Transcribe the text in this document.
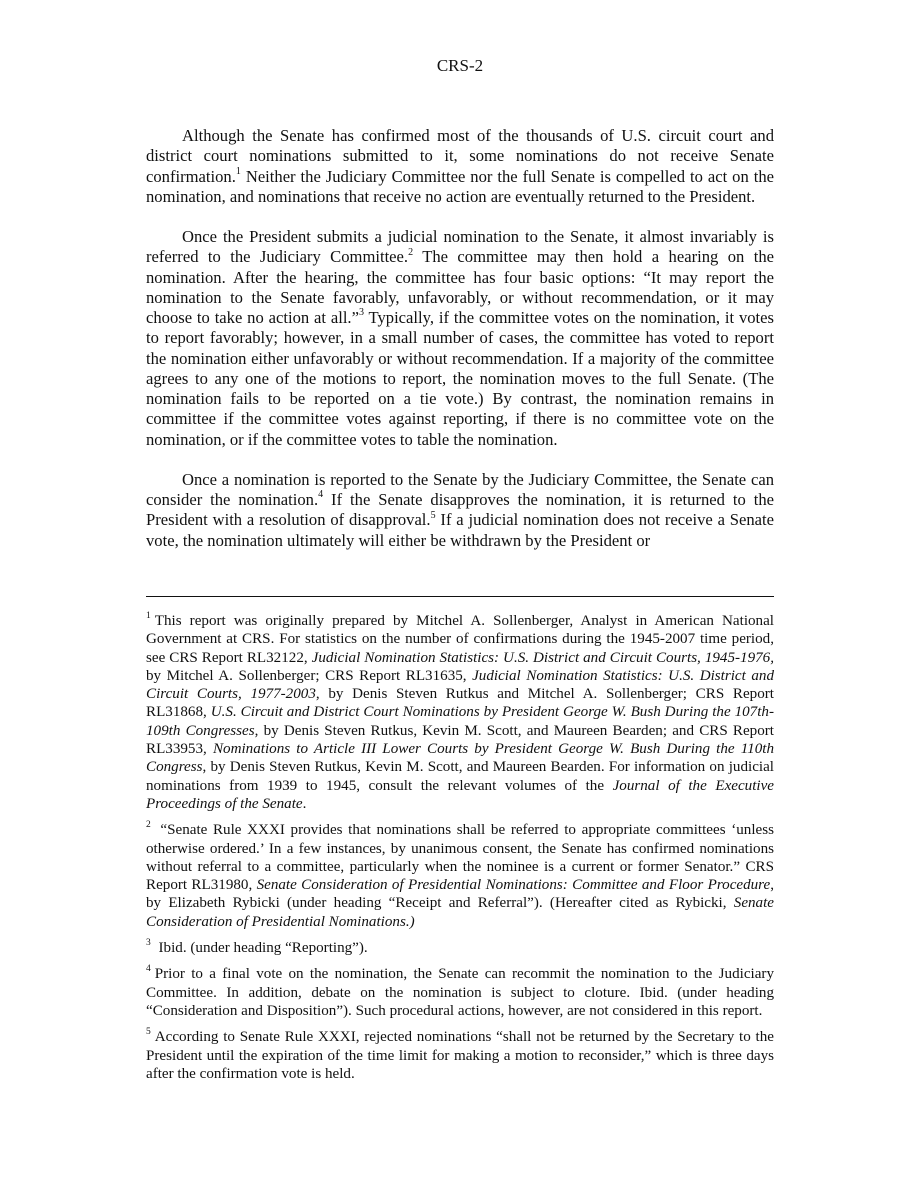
CRS-2

Although the Senate has confirmed most of the thousands of U.S. circuit court and district court nominations submitted to it, some nominations do not receive Senate confirmation.$^1$ Neither the Judiciary Committee nor the full Senate is compelled to act on the nomination, and nominations that receive no action are eventually returned to the President.

Once the President submits a judicial nomination to the Senate, it almost invariably is referred to the Judiciary Committee.$^2$ The committee may then hold a hearing on the nomination. After the hearing, the committee has four basic options: “It may report the nomination to the Senate favorably, unfavorably, or without recommendation, or it may choose to take no action at all.”$^3$ Typically, if the committee votes on the nomination, it votes to report favorably; however, in a small number of cases, the committee has voted to report the nomination either unfavorably or without recommendation. If a majority of the committee agrees to any one of the motions to report, the nomination moves to the full Senate. (The nomination fails to be reported on a tie vote.) By contrast, the nomination remains in committee if the committee votes against reporting, if there is no committee vote on the nomination, or if the committee votes to table the nomination.

Once a nomination is reported to the Senate by the Judiciary Committee, the Senate can consider the nomination.$^4$ If the Senate disapproves the nomination, it is returned to the President with a resolution of disapproval.$^5$ If a judicial nomination does not receive a Senate vote, the nomination ultimately will either be withdrawn by the President or

$^1$ This report was originally prepared by Mitchel A. Sollenberger, Analyst in American National Government at CRS. For statistics on the number of confirmations during the 1945-2007 time period, see CRS Report RL32122, Judicial Nomination Statistics: U.S. District and Circuit Courts, 1945-1976, by Mitchel A. Sollenberger; CRS Report RL31635, Judicial Nomination Statistics: U.S. District and Circuit Courts, 1977-2003, by Denis Steven Rutkus and Mitchel A. Sollenberger; CRS Report RL31868, U.S. Circuit and District Court Nominations by President George W. Bush During the 107th-109th Congresses, by Denis Steven Rutkus, Kevin M. Scott, and Maureen Bearden; and CRS Report RL33953, Nominations to Article III Lower Courts by President George W. Bush During the 110th Congress, by Denis Steven Rutkus, Kevin M. Scott, and Maureen Bearden. For information on judicial nominations from 1939 to 1945, consult the relevant volumes of the Journal of the Executive Proceedings of the Senate.
$^2$ “Senate Rule XXXI provides that nominations shall be referred to appropriate committees ‘unless otherwise ordered.’ In a few instances, by unanimous consent, the Senate has confirmed nominations without referral to a committee, particularly when the nominee is a current or former Senator.” CRS Report RL31980, Senate Consideration of Presidential Nominations: Committee and Floor Procedure, by Elizabeth Rybicki (under heading “Receipt and Referral”). (Hereafter cited as Rybicki, Senate Consideration of Presidential Nominations.)
$^3$ Ibid. (under heading “Reporting”).
$^4$ Prior to a final vote on the nomination, the Senate can recommit the nomination to the Judiciary Committee. In addition, debate on the nomination is subject to cloture. Ibid. (under heading “Consideration and Disposition”). Such procedural actions, however, are not considered in this report.
$^5$ According to Senate Rule XXXI, rejected nominations “shall not be returned by the Secretary to the President until the expiration of the time limit for making a motion to reconsider,” which is three days after the confirmation vote is held.
